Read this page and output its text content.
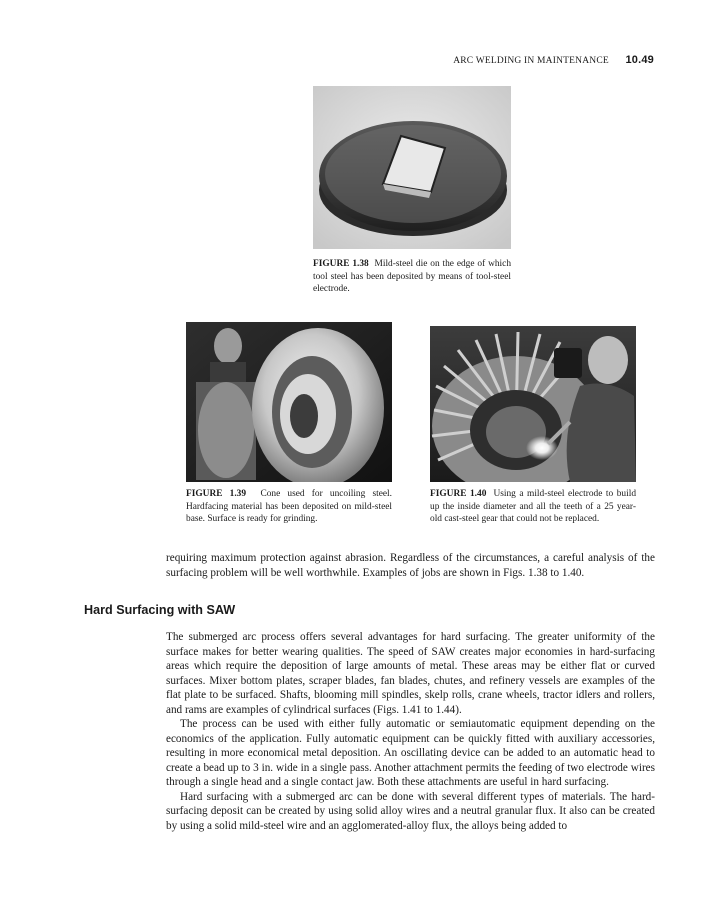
ARC WELDING IN MAINTENANCE 10.49
FIGURE 1.38 Mild-steel die on the edge of which tool steel has been deposited by means of tool-steel electrode.
FIGURE 1.39 Cone used for uncoiling steel. Hardfacing material has been deposited on mild-steel base. Surface is ready for grinding.
FIGURE 1.40 Using a mild-steel electrode to build up the inside diameter and all the teeth of a 25 year-old cast-steel gear that could not be replaced.

requiring maximum protection against abrasion. Regardless of the circumstances, a careful analysis of the surfacing problem will be well worthwhile. Examples of jobs are shown in Figs. 1.38 to 1.40.

Hard Surfacing with SAW

The submerged arc process offers several advantages for hard surfacing. The greater uniformity of the surface makes for better wearing qualities. The speed of SAW creates major economies in hard-surfacing areas which require the deposition of large amounts of metal. These areas may be either flat or curved surfaces. Mixer bottom plates, scraper blades, fan blades, chutes, and refinery vessels are examples of the flat plate to be surfaced. Shafts, blooming mill spindles, skelp rolls, crane wheels, tractor idlers and rollers, and rams are examples of cylindrical surfaces (Figs. 1.41 to 1.44).

The process can be used with either fully automatic or semiautomatic equipment depending on the economics of the application. Fully automatic equipment can be quickly fitted with auxiliary accessories, resulting in more economical metal deposition. An oscillating device can be added to an automatic head to create a bead up to 3 in. wide in a single pass. Another attachment permits the feeding of two electrode wires through a single head and a single contact jaw. Both these attachments are useful in hard surfacing.

Hard surfacing with a submerged arc can be done with several different types of materials. The hard-surfacing deposit can be created by using solid alloy wires and a neutral granular flux. It also can be created by using a solid mild-steel wire and an agglomerated-alloy flux, the alloys being added to
